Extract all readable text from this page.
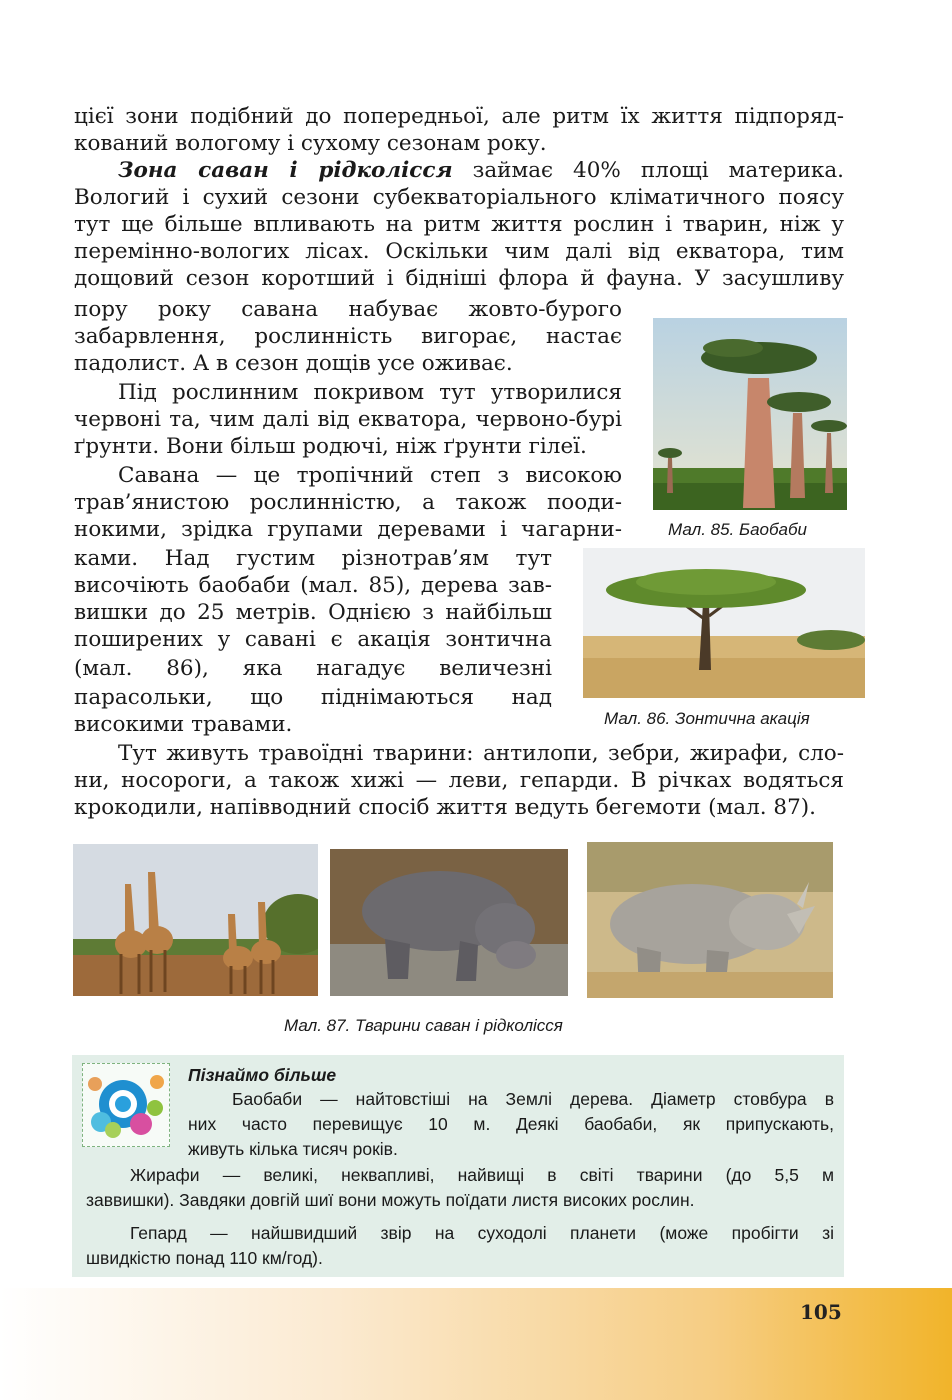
цієї зони подібний до попередньої, але ритм їх життя підпоряд-
кований вологому і сухому сезонам року.
Зона саван і рідколісся займає 40% площі материка.
Вологий і сухий сезони субекваторіального кліматичного поясу
тут ще більше впливають на ритм життя рослин і тварин, ніж у
перемінно-вологих лісах. Оскільки чим далі від екватора, тим
дощовий сезон коротший і бідніші флора й фауна. У засушливу
пору року савана набуває жовто-бурого
забарвлення, рослинність вигорає, настає
падолист. А в сезон дощів усе оживає.
Під рослинним покривом тут утворилися
червоні та, чим далі від екватора, червоно-бурі
ґрунти. Вони більш родючі, ніж ґрунти гілеї.
Савана — це тропічний степ з високою
трав’янистою рослинністю, а також пооди-
нокими, зрідка групами деревами і чагарни-
ками. Над густим різнотрав’ям тут
височіють баобаби (мал. 85), дерева зав-
вишки до 25 метрів. Однією з найбільш
поширених у савані є акація зонтична
(мал. 86), яка нагадує величезні
парасольки, що піднімаються над
високими травами.
Тут живуть травоїдні тварини: антилопи, зебри, жирафи, сло-
ни, носороги, а також хижі — леви, гепарди. В річках водяться
крокодили, напівводний спосіб життя ведуть бегемоти (мал. 87).
Мал. 85. Баобаби
Мал. 86. Зонтична акація
Мал. 87. Тварини саван і рідколісся
Пізнаймо більше
Баобаби — найтовстіші на Землі дерева. Діаметр стовбура в
них часто перевищує 10 м. Деякі баобаби, як припускають,
живуть кілька тисяч років.
Жирафи — великі, неквапливі, найвищі в світі тварини (до 5,5 м
заввишки). Завдяки довгій шиї вони можуть поїдати листя високих рослин.
Гепард — найшвидший звір на суходолі планети (може пробігти зі
швидкістю понад 110 км/год).
105
